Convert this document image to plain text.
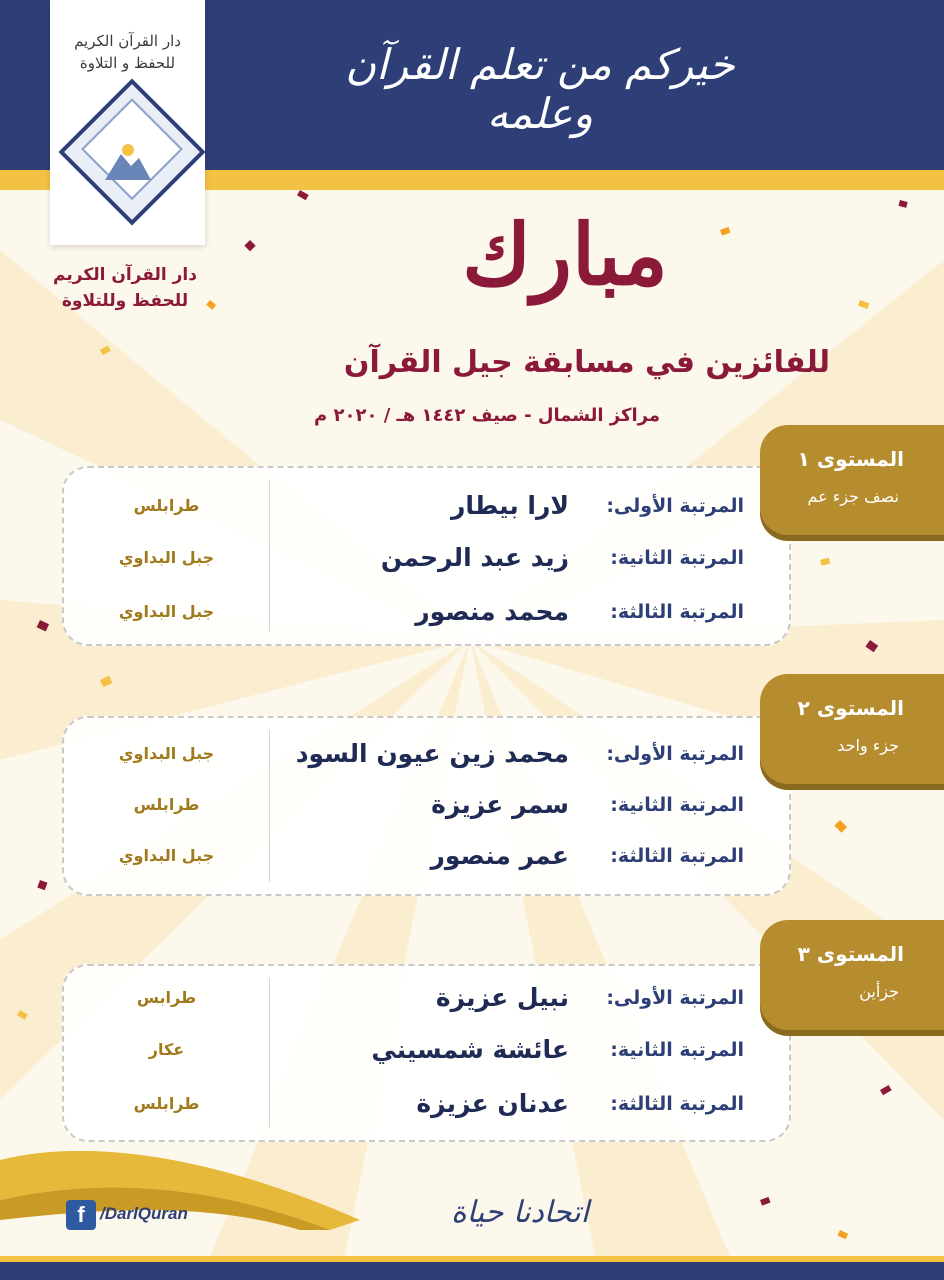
خيركم من تعلم القرآن وعلمه
دار القرآن الكريم
للحفظ و التلاوة
دار القرآن الكريم
للحفظ وللتلاوة	مبارك
للفائزين في مسابقة جيل القرآن
مراكز الشمال - صيف ١٤٤٢ هـ / ٢٠٢٠ م
المرتبة الأولى:
لارا بيطار
طرابلس
المرتبة الثانية:
زيد عبد الرحمن
جبل البداوي
المرتبة الثالثة:
محمد منصور
جبل البداوي
المستوى ١
نصف جزء عم
المرتبة الأولى:
محمد زين عيون السود
جبل البداوي
المرتبة الثانية:
سمر عزيزة
طرابلس
المرتبة الثالثة:
عمر منصور
جبل البداوي
المستوى ٢
جزء واحد
المرتبة الأولى:
نبيل عزيزة
طرابس
المرتبة الثانية:
عائشة شمسيني
عكار
المرتبة الثالثة:
عدنان عزيزة
طرابلس
المستوى ٣
جزأين
f /DarlQuran	اتحادنا حياة
